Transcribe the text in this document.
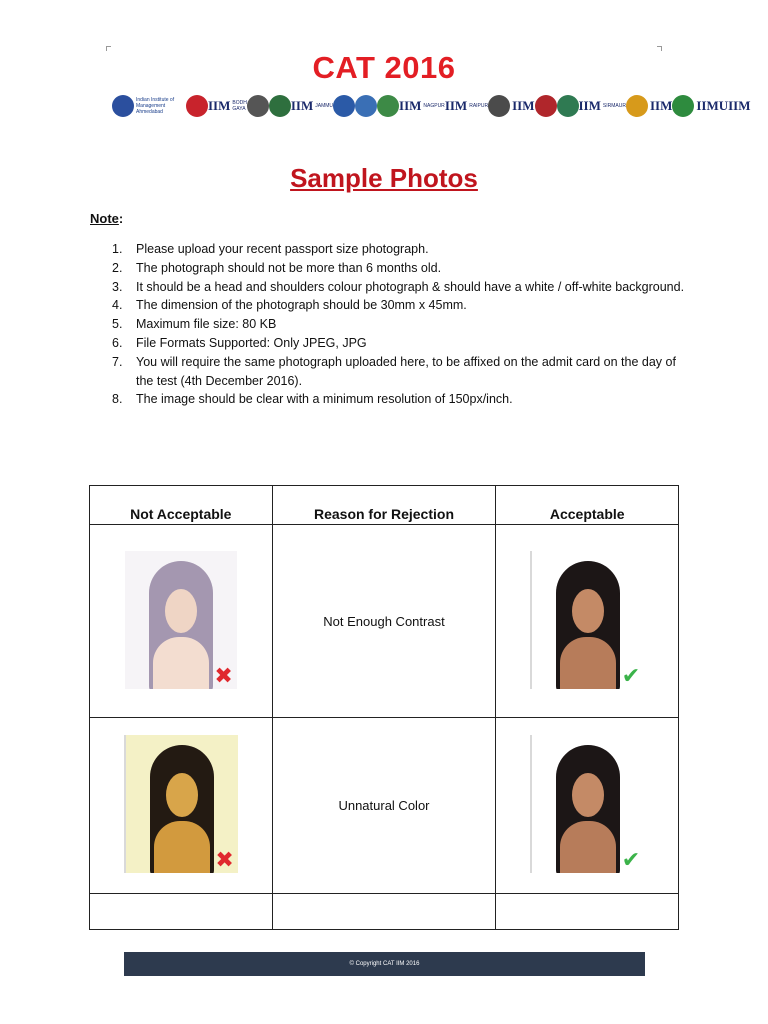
CAT 2016
Indian Institute of Management Ahmedabad	IIM BODH GAYA	IIM JAMMU	IIM NAGPUR IIM RAIPUR IIM	IIM SIRMAUR IIM IIMU IIM
Sample Photos
Note:
1. Please upload your recent passport size photograph.
2. The photograph should not be more than 6 months old.
3. It should be a head and shoulders colour photograph & should have a white / off-white background.
4. The dimension of the photograph should be 30mm x 45mm.
5. Maximum file size: 80 KB
6. File Formats Supported: Only JPEG, JPG
7. You will require the same photograph uploaded here, to be affixed on the admit card on the day of the test (4th December 2016).
8. The image should be clear with a minimum resolution of 150px/inch.
Not Acceptable	Reason for Rejection	Acceptable

✖	Not Enough Contrast	✔

✖	Unnatural Color	✔

© Copyright CAT IIM 2016
